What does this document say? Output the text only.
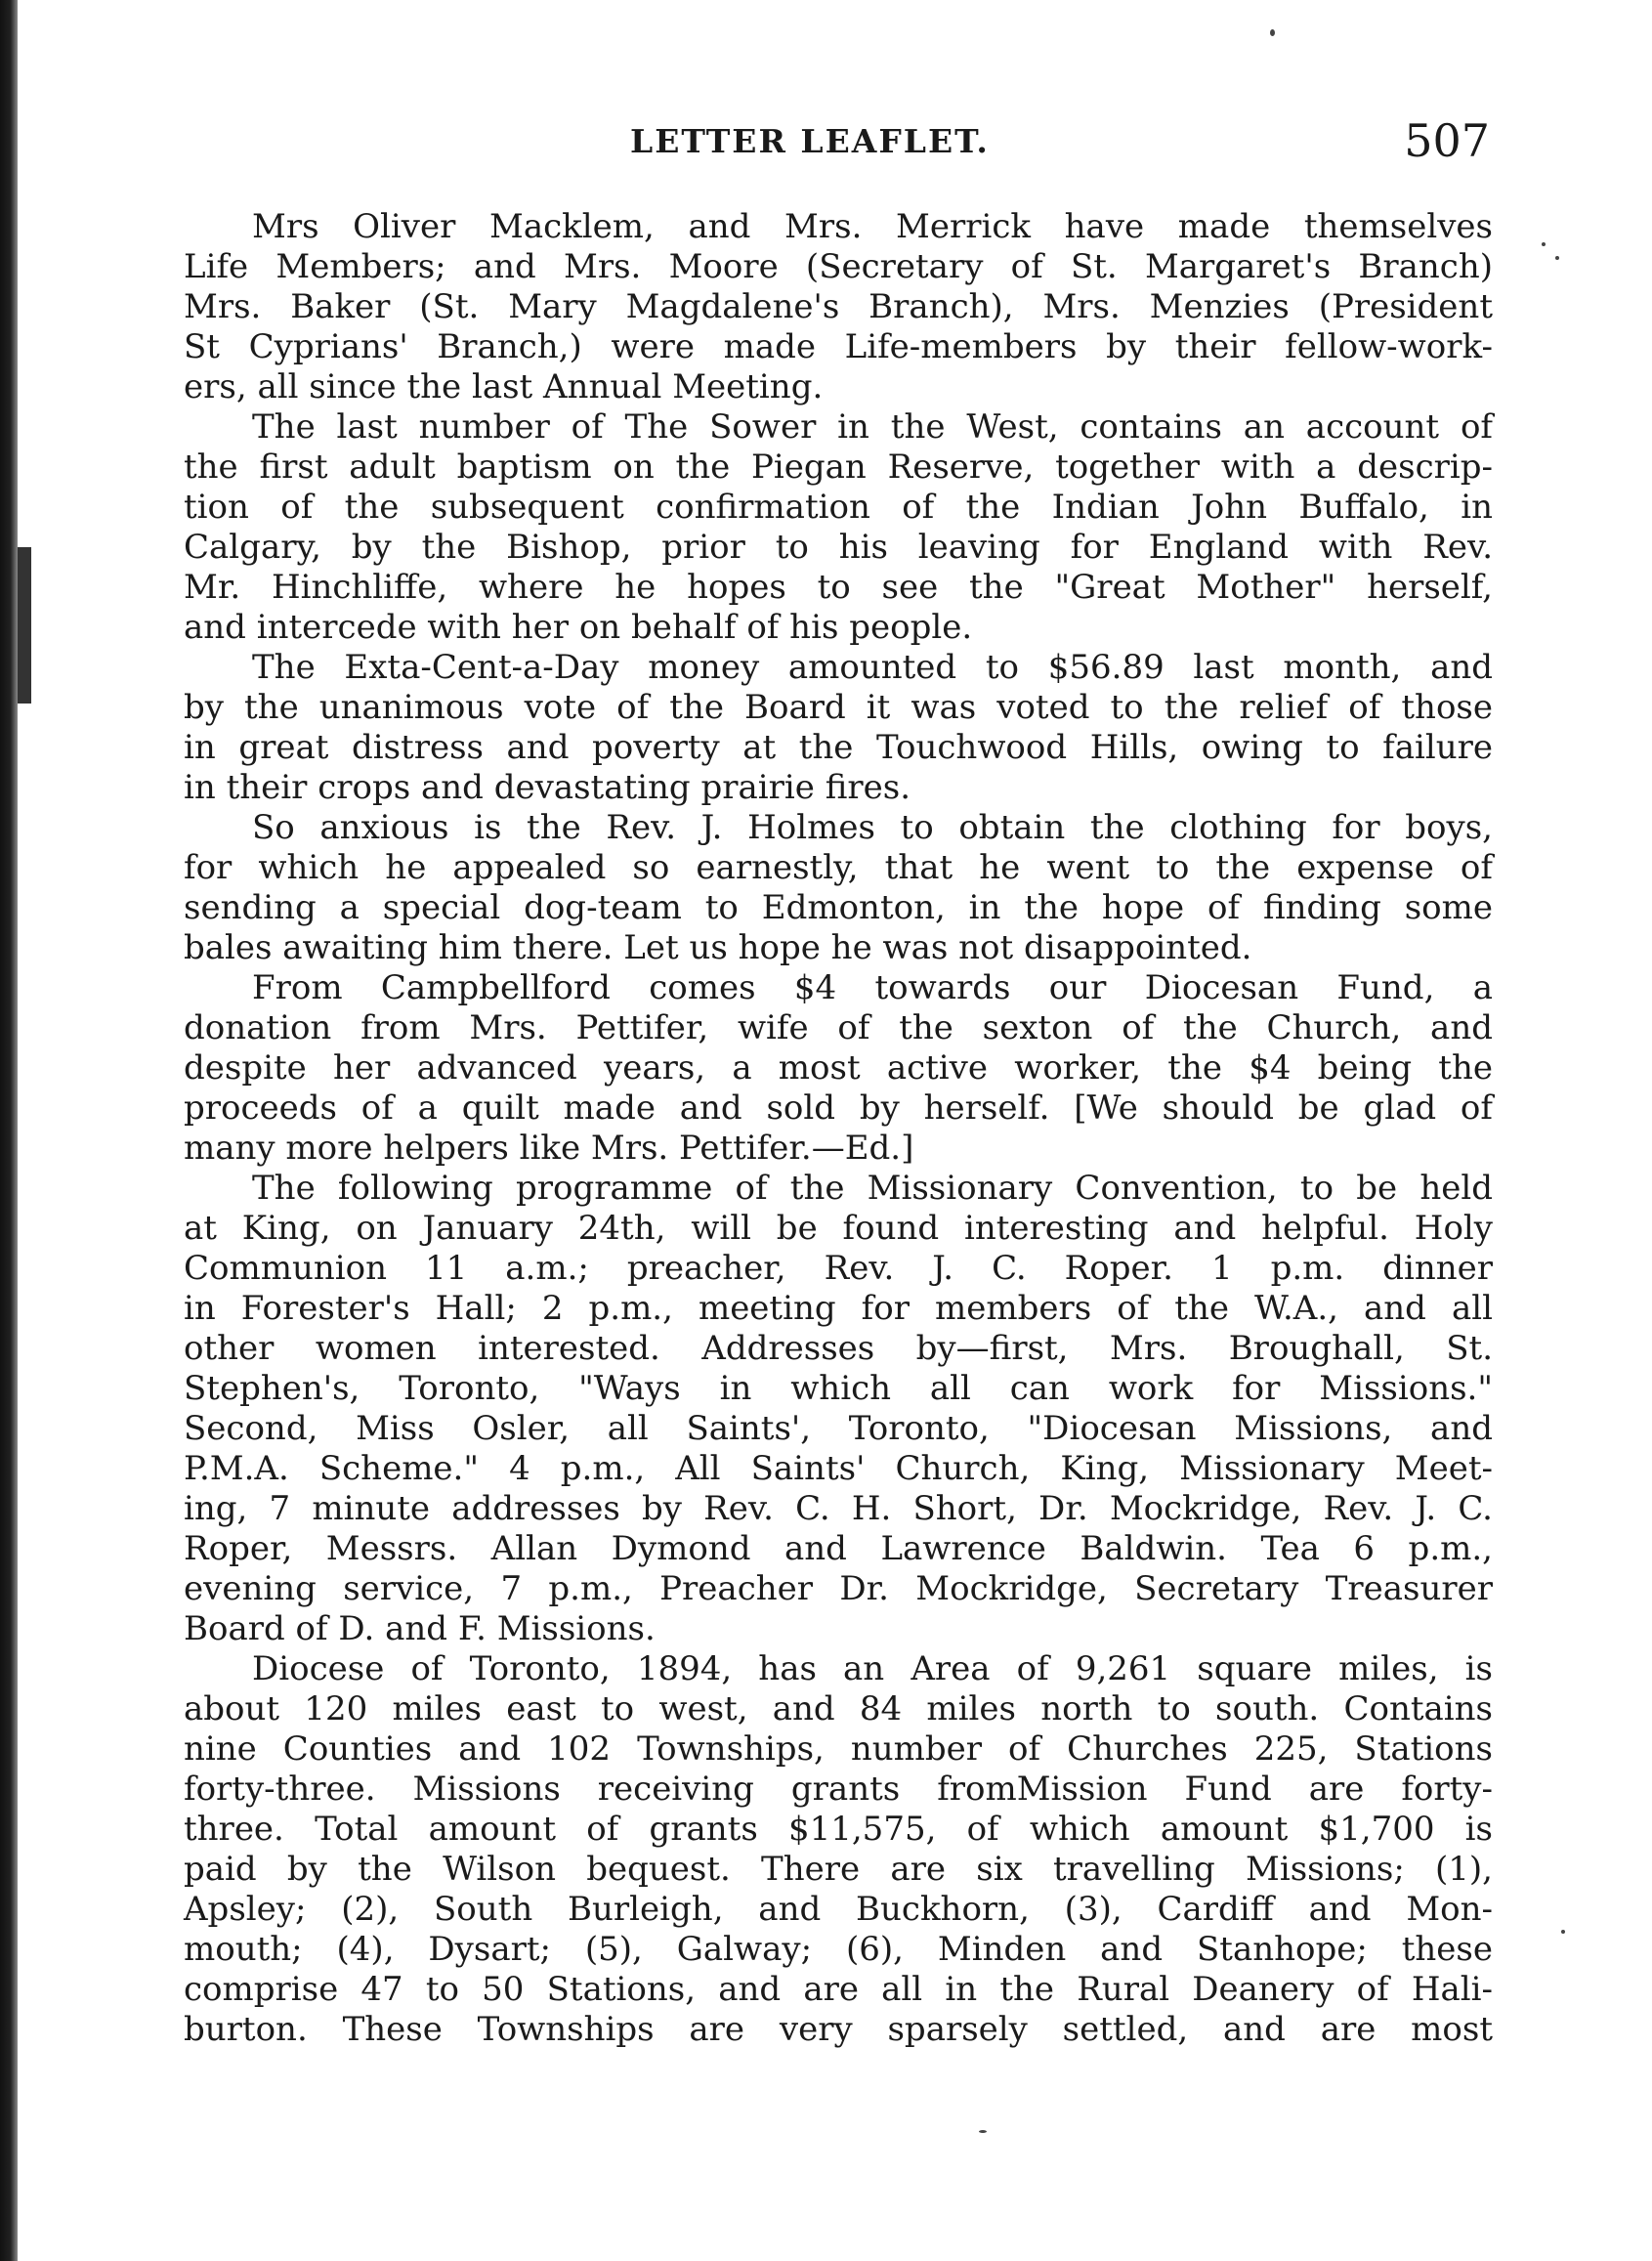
LETTER LEAFLET.	507

Mrs Oliver Macklem, and Mrs. Merrick have made themselves
Life Members; and Mrs. Moore (Secretary of St. Margaret's Branch)
Mrs. Baker (St. Mary Magdalene's Branch), Mrs. Menzies (President
St Cyprians' Branch,) were made Life-members by their fellow-work-
ers, all since the last Annual Meeting.

The last number of The Sower in the West, contains an account of
the first adult baptism on the Piegan Reserve, together with a descrip-
tion of the subsequent confirmation of the Indian John Buffalo, in
Calgary, by the Bishop, prior to his leaving for England with Rev.
Mr. Hinchliffe, where he hopes to see the "Great Mother" herself,
and intercede with her on behalf of his people.

The Exta-Cent-a-Day money amounted to $56.89 last month, and
by the unanimous vote of the Board it was voted to the relief of those
in great distress and poverty at the Touchwood Hills, owing to failure
in their crops and devastating prairie fires.

So anxious is the Rev. J. Holmes to obtain the clothing for boys,
for which he appealed so earnestly, that he went to the expense of
sending a special dog-team to Edmonton, in the hope of finding some
bales awaiting him there. Let us hope he was not disappointed.

From Campbellford comes $4 towards our Diocesan Fund, a
donation from Mrs. Pettifer, wife of the sexton of the Church, and
despite her advanced years, a most active worker, the $4 being the
proceeds of a quilt made and sold by herself. [We should be glad of
many more helpers like Mrs. Pettifer.—Ed.]

The following programme of the Missionary Convention, to be held
at King, on January 24th, will be found interesting and helpful. Holy
Communion 11 a.m.; preacher, Rev. J. C. Roper. 1 p.m. dinner
in Forester's Hall; 2 p.m., meeting for members of the W.A., and all
other women interested. Addresses by—first, Mrs. Broughall, St.
Stephen's, Toronto, "Ways in which all can work for Missions."
Second, Miss Osler, all Saints', Toronto, "Diocesan Missions, and
P.M.A. Scheme." 4 p.m., All Saints' Church, King, Missionary Meet-
ing, 7 minute addresses by Rev. C. H. Short, Dr. Mockridge, Rev. J. C.
Roper, Messrs. Allan Dymond and Lawrence Baldwin. Tea 6 p.m.,
evening service, 7 p.m., Preacher Dr. Mockridge, Secretary Treasurer
Board of D. and F. Missions.

Diocese of Toronto, 1894, has an Area of 9,261 square miles, is
about 120 miles east to west, and 84 miles north to south. Contains
nine Counties and 102 Townships, number of Churches 225, Stations
forty-three. Missions receiving grants fromMission Fund are forty-
three. Total amount of grants $11,575, of which amount $1,700 is
paid by the Wilson bequest. There are six travelling Missions; (1),
Apsley; (2), South Burleigh, and Buckhorn, (3), Cardiff and Mon-
mouth; (4), Dysart; (5), Galway; (6), Minden and Stanhope; these
comprise 47 to 50 Stations, and are all in the Rural Deanery of Hali-
burton. These Townships are very sparsely settled, and are most
